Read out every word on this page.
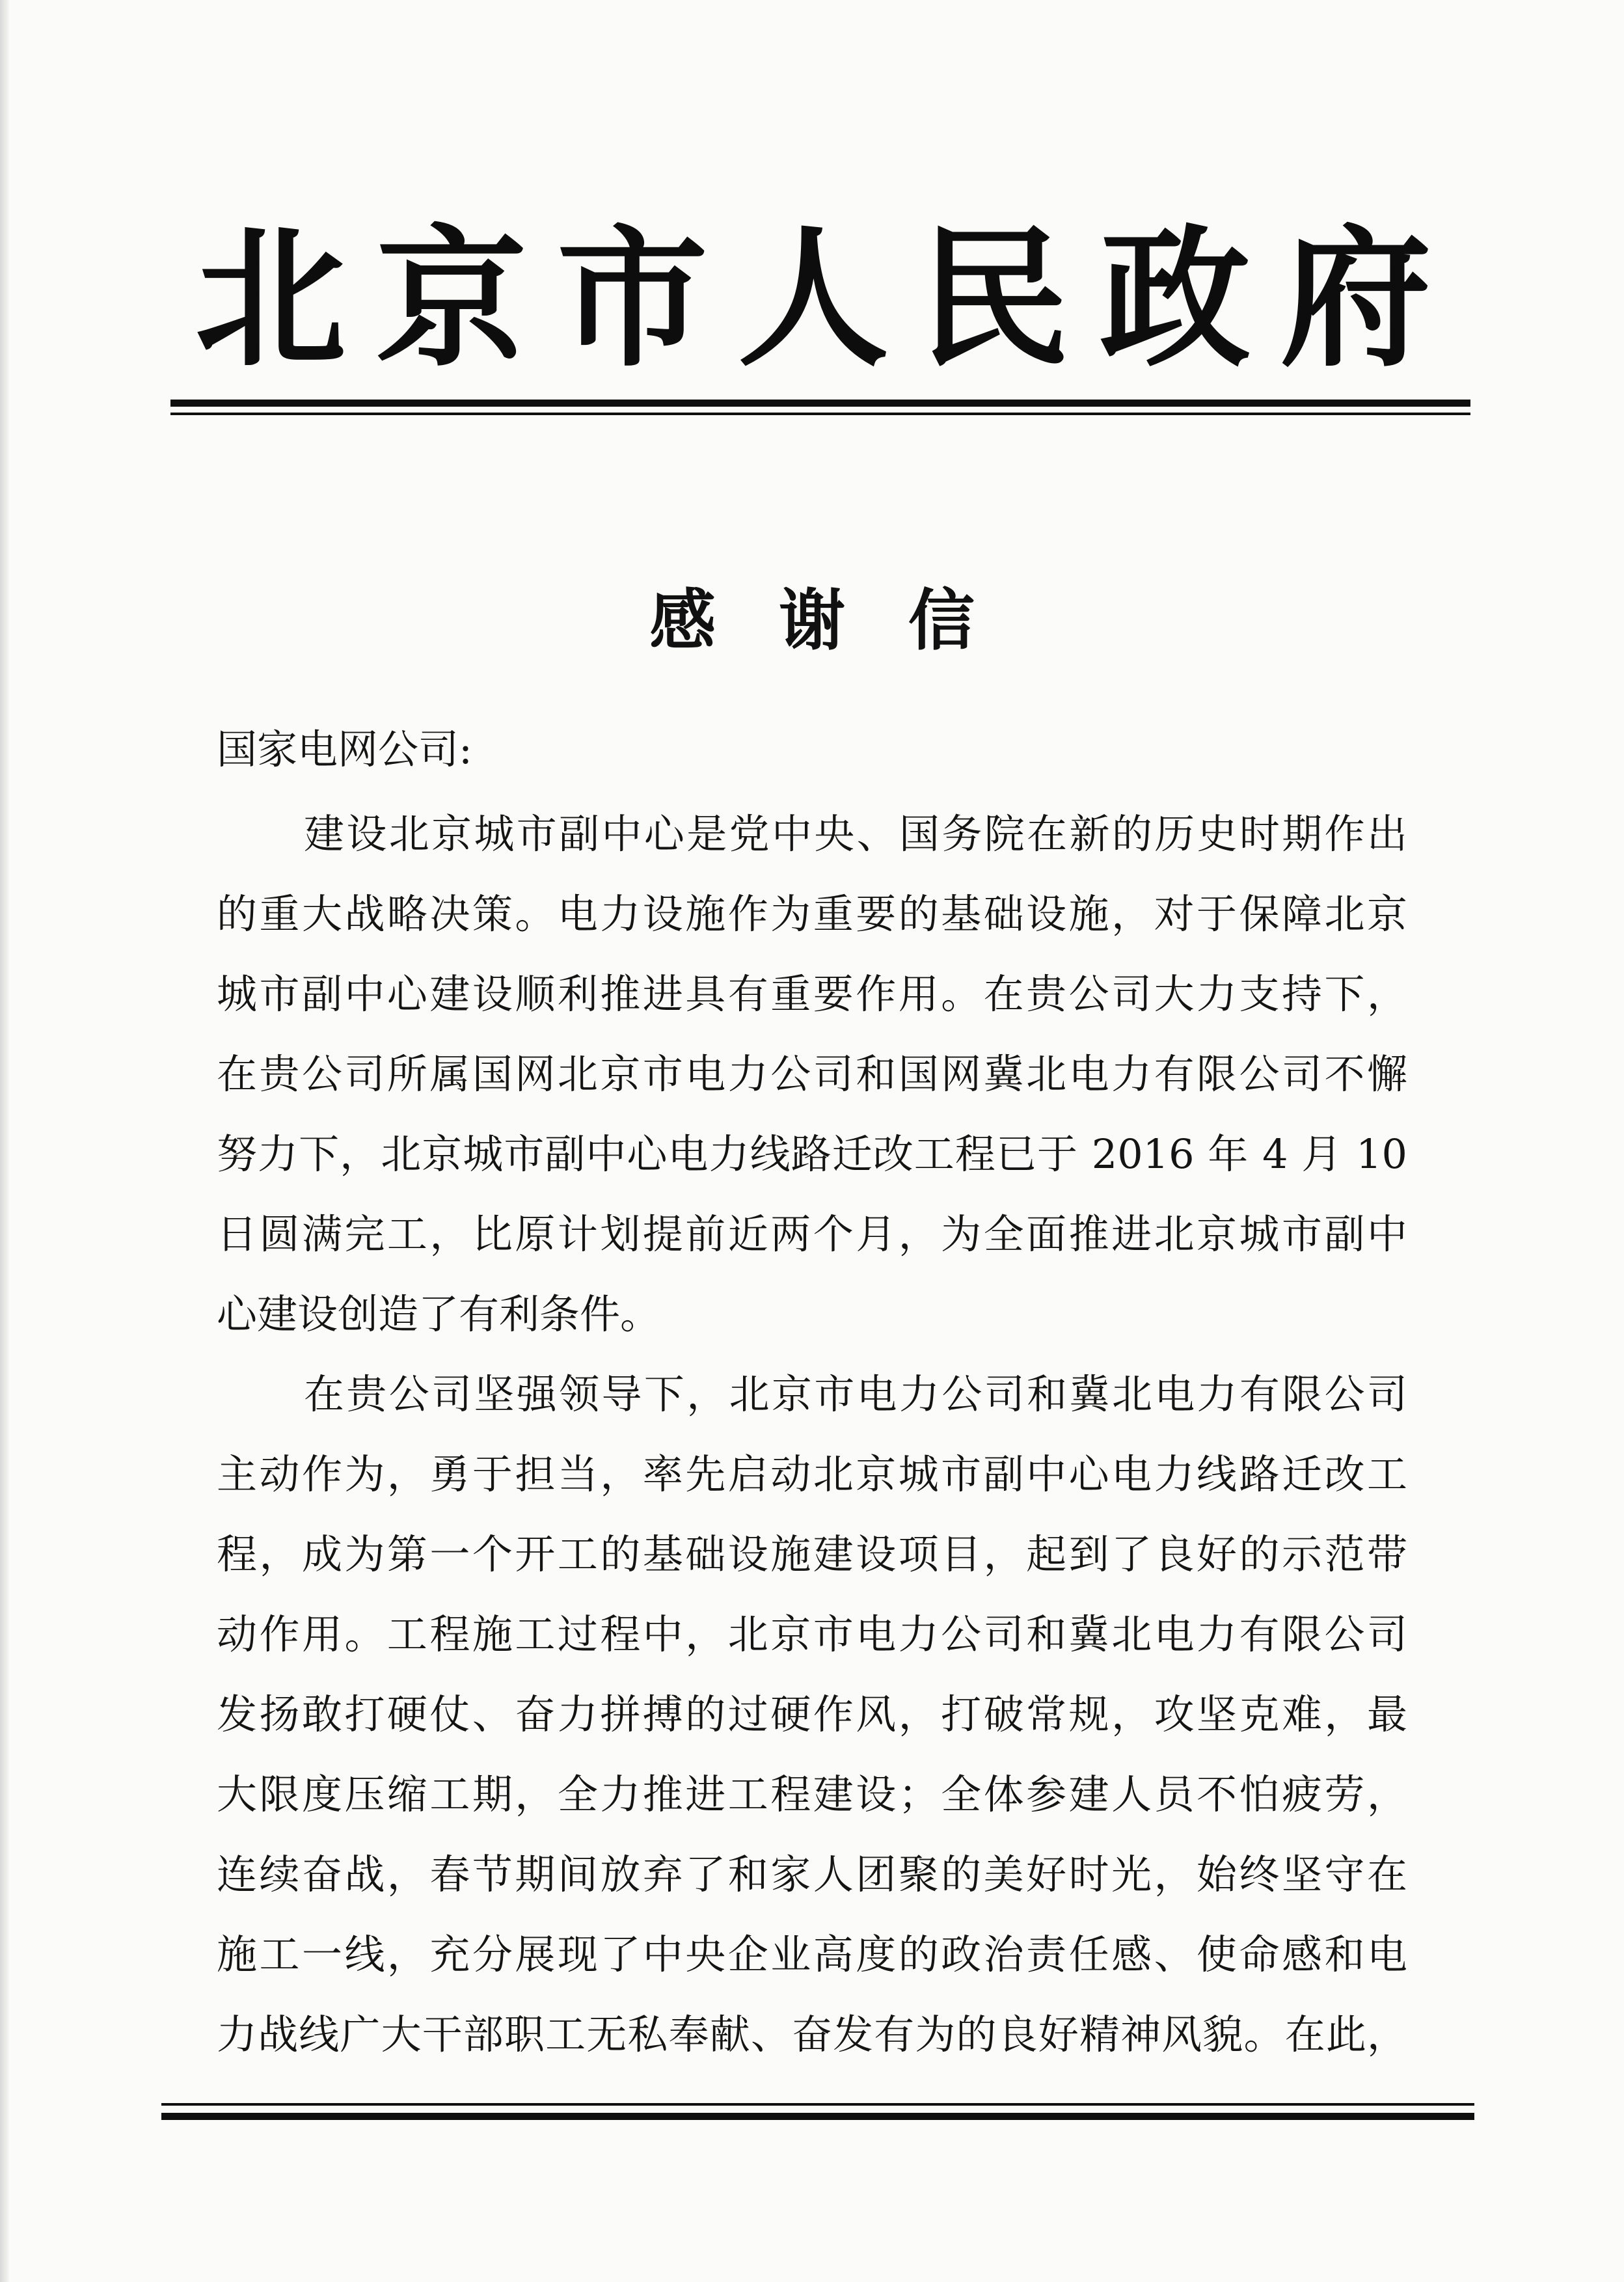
北 京 市 人 民 政 府
感谢信

国家电网公司:

建设北京城市副中心是党中央、国务院在新的历史时期作出

的重大战略决策。电力设施作为重要的基础设施，对于保障北京

城市副中心建设顺利推进具有重要作用。在贵公司大力支持下，

在贵公司所属国网北京市电力公司和国网冀北电力有限公司不懈

努力下，北京城市副中心电力线路迁改工程已于 2016 年 4 月 10

日圆满完工，比原计划提前近两个月，为全面推进北京城市副中

心建设创造了有利条件。

在贵公司坚强领导下，北京市电力公司和冀北电力有限公司

主动作为，勇于担当，率先启动北京城市副中心电力线路迁改工

程，成为第一个开工的基础设施建设项目，起到了良好的示范带

动作用。工程施工过程中，北京市电力公司和冀北电力有限公司

发扬敢打硬仗、奋力拼搏的过硬作风，打破常规，攻坚克难，最

大限度压缩工期，全力推进工程建设；全体参建人员不怕疲劳，

连续奋战，春节期间放弃了和家人团聚的美好时光，始终坚守在

施工一线，充分展现了中央企业高度的政治责任感、使命感和电

力战线广大干部职工无私奉献、奋发有为的良好精神风貌。在此，
